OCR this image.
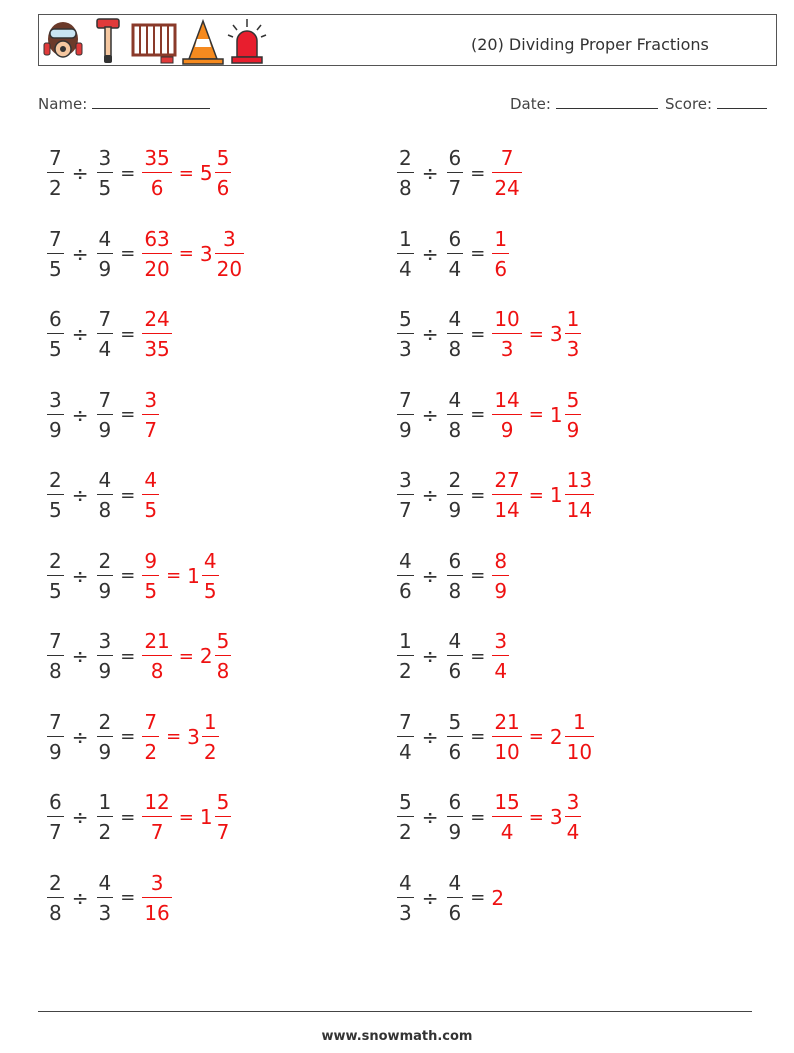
(20) Dividing Proper Fractions
Name:	Date:	Score:
$\frac{7}{2} \div \frac{3}{5} = \frac{35}{6} = 5 \frac{5}{6}$	$\frac{2}{8} \div \frac{6}{7} = \frac{7}{24}$
$\frac{7}{5} \div \frac{4}{9} = \frac{63}{20} = 3 \frac{3}{20}$	$\frac{1}{4} \div \frac{6}{4} = \frac{1}{6}$
$\frac{6}{5} \div \frac{7}{4} = \frac{24}{35}$	$\frac{5}{3} \div \frac{4}{8} = \frac{10}{3} = 3 \frac{1}{3}$
$\frac{3}{9} \div \frac{7}{9} = \frac{3}{7}$	$\frac{7}{9} \div \frac{4}{8} = \frac{14}{9} = 1 \frac{5}{9}$
$\frac{2}{5} \div \frac{4}{8} = \frac{4}{5}$	$\frac{3}{7} \div \frac{2}{9} = \frac{27}{14} = 1 \frac{13}{14}$
$\frac{2}{5} \div \frac{2}{9} = \frac{9}{5} = 1 \frac{4}{5}$	$\frac{4}{6} \div \frac{6}{8} = \frac{8}{9}$
$\frac{7}{8} \div \frac{3}{9} = \frac{21}{8} = 2 \frac{5}{8}$	$\frac{1}{2} \div \frac{4}{6} = \frac{3}{4}$
$\frac{7}{9} \div \frac{2}{9} = \frac{7}{2} = 3 \frac{1}{2}$	$\frac{7}{4} \div \frac{5}{6} = \frac{21}{10} = 2 \frac{1}{10}$
$\frac{6}{7} \div \frac{1}{2} = \frac{12}{7} = 1 \frac{5}{7}$	$\frac{5}{2} \div \frac{6}{9} = \frac{15}{4} = 3 \frac{3}{4}$
$\frac{2}{8} \div \frac{4}{3} = \frac{3}{16}$	$\frac{4}{3} \div \frac{4}{6} = 2$
www.snowmath.com
